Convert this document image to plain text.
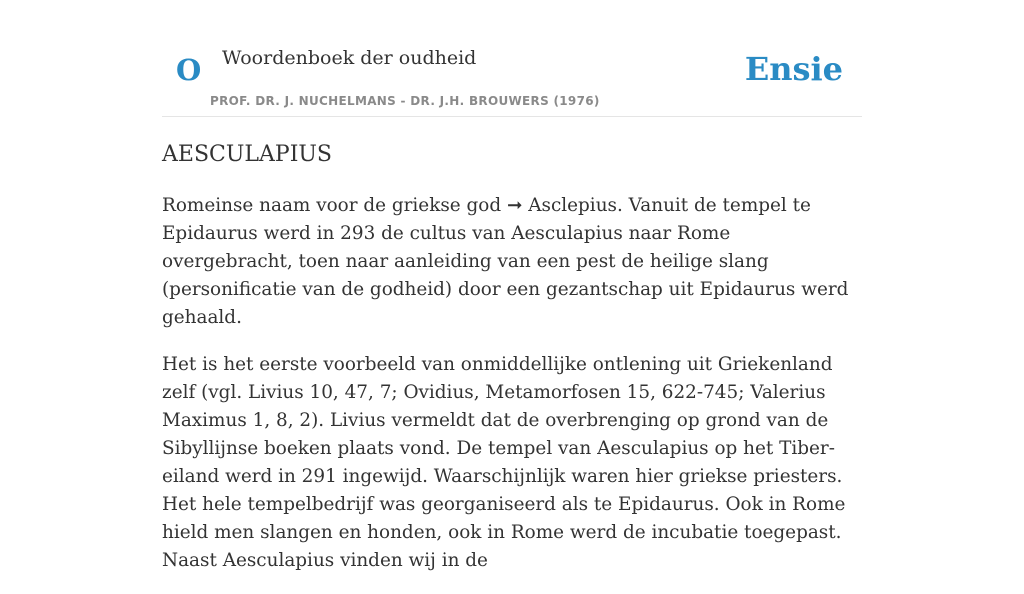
O Woordenboek der oudheid
PROF. DR. J. NUCHELMANS - DR. J.H. BROUWERS (1976)
Ensie
AESCULAPIUS

Romeinse naam voor de griekse god ➞ Asclepius. Vanuit de tempel te Epidaurus werd in 293 de cultus van Aesculapius naar Rome overgebracht, toen naar aanleiding van een pest de heilige slang (personificatie van de godheid) door een gezantschap uit Epidaurus werd gehaald.

Het is het eerste voorbeeld van onmiddellijke ontlening uit Griekenland zelf (vgl. Livius 10, 47, 7; Ovidius, Metamorfosen 15, 622-745; Valerius Maximus 1, 8, 2). Livius vermeldt dat de overbrenging op grond van de Sibyllijnse boeken plaats vond. De tempel van Aesculapius op het Tiber-eiland werd in 291 ingewijd. Waarschijnlijk waren hier griekse priesters. Het hele tempelbedrijf was georganiseerd als te Epidaurus. Ook in Rome hield men slangen en honden, ook in Rome werd de incubatie toegepast. Naast Aesculapius vinden wij in de
